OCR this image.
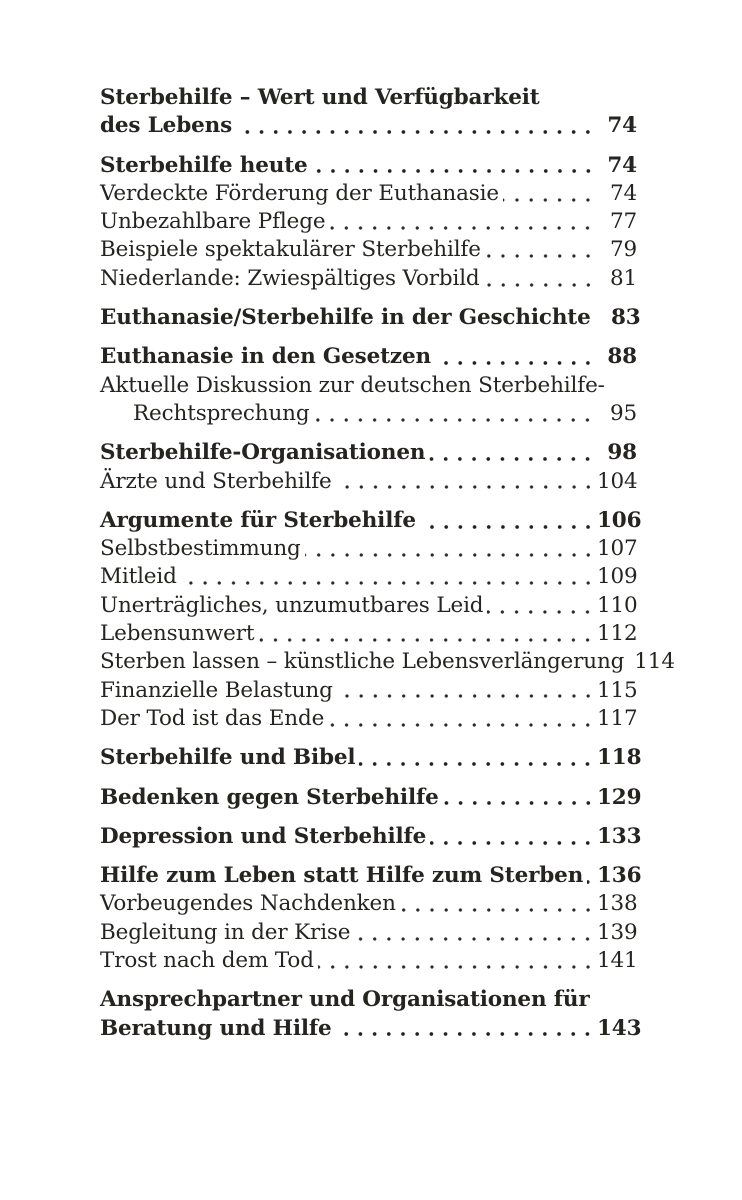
Sterbehilfe – Wert und Verfügbarkeit
des Lebens	74
Sterbehilfe heute	74
Verdeckte Förderung der Euthanasie	74
Unbezahlbare Pflege	77
Beispiele spektakulärer Sterbehilfe	79
Niederlande: Zwiespältiges Vorbild	81
Euthanasie/Sterbehilfe in der Geschichte 83
Euthanasie in den Gesetzen	88
Aktuelle Diskussion zur deutschen Sterbehilfe-
Rechtsprechung	95
Sterbehilfe-Organisationen	98
Ärzte und Sterbehilfe	104
Argumente für Sterbehilfe	106
Selbstbestimmung	107
Mitleid	109
Unerträgliches, unzumutbares Leid	110
Lebensunwert	112
Sterben lassen – künstliche Lebensverlängerung 114
Finanzielle Belastung	115
Der Tod ist das Ende	117
Sterbehilfe und Bibel	118
Bedenken gegen Sterbehilfe	129
Depression und Sterbehilfe	133
Hilfe zum Leben statt Hilfe zum Sterben 136
Vorbeugendes Nachdenken	138
Begleitung in der Krise	139
Trost nach dem Tod	141
Ansprechpartner und Organisationen für
Beratung und Hilfe	143
